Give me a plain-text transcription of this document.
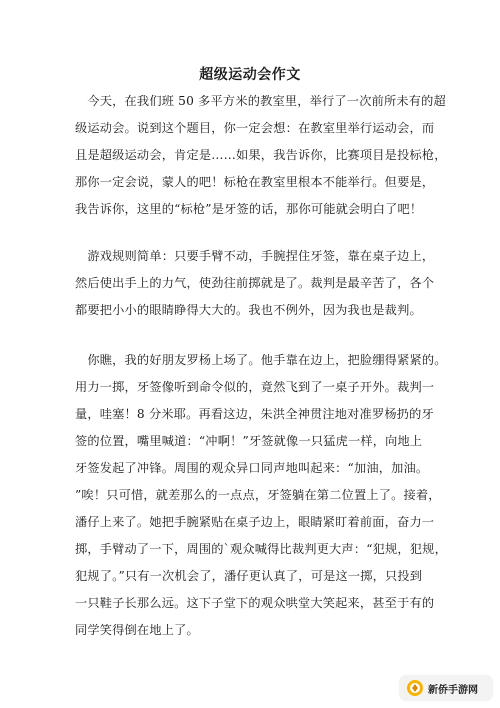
超级运动会作文
　今天，在我们班 50 多平方米的教室里，举行了一次前所未有的超
级运动会。说到这个题目，你一定会想：在教室里举行运动会，而
且是超级运动会，肯定是……如果，我告诉你，比赛项目是投标枪，
那你一定会说，蒙人的吧！标枪在教室里根本不能举行。但要是，
我告诉你，这里的“标枪”是牙签的话，那你可能就会明白了吧！
　游戏规则简单：只要手臂不动，手腕捏住牙签，靠在桌子边上，
然后使出手上的力气，使劲往前掷就是了。裁判是最辛苦了，各个
都要把小小的眼睛睁得大大的。我也不例外，因为我也是裁判。
　你瞧，我的好朋友罗杨上场了。他手靠在边上，把脸绷得紧紧的。
用力一掷，牙签像听到命令似的，竟然飞到了一桌子开外。裁判一
量，哇塞！8 分米耶。再看这边，朱洪全神贯注地对准罗杨扔的牙
签的位置，嘴里喊道：“冲啊！”牙签就像一只猛虎一样，向地上
牙签发起了冲锋。周围的观众异口同声地叫起来：“加油，加油。
”唉！只可惜，就差那么的一点点，牙签躺在第二位置上了。接着，
潘仔上来了。她把手腕紧贴在桌子边上，眼睛紧盯着前面，奋力一
掷，手臂动了一下，周围的`观众喊得比裁判更大声：“犯规，犯规，
犯规了。”只有一次机会了，潘仔更认真了，可是这一掷，只投到
一只鞋子长那么远。这下子堂下的观众哄堂大笑起来，甚至于有的
同学笑得倒在地上了。
新侨手游网
